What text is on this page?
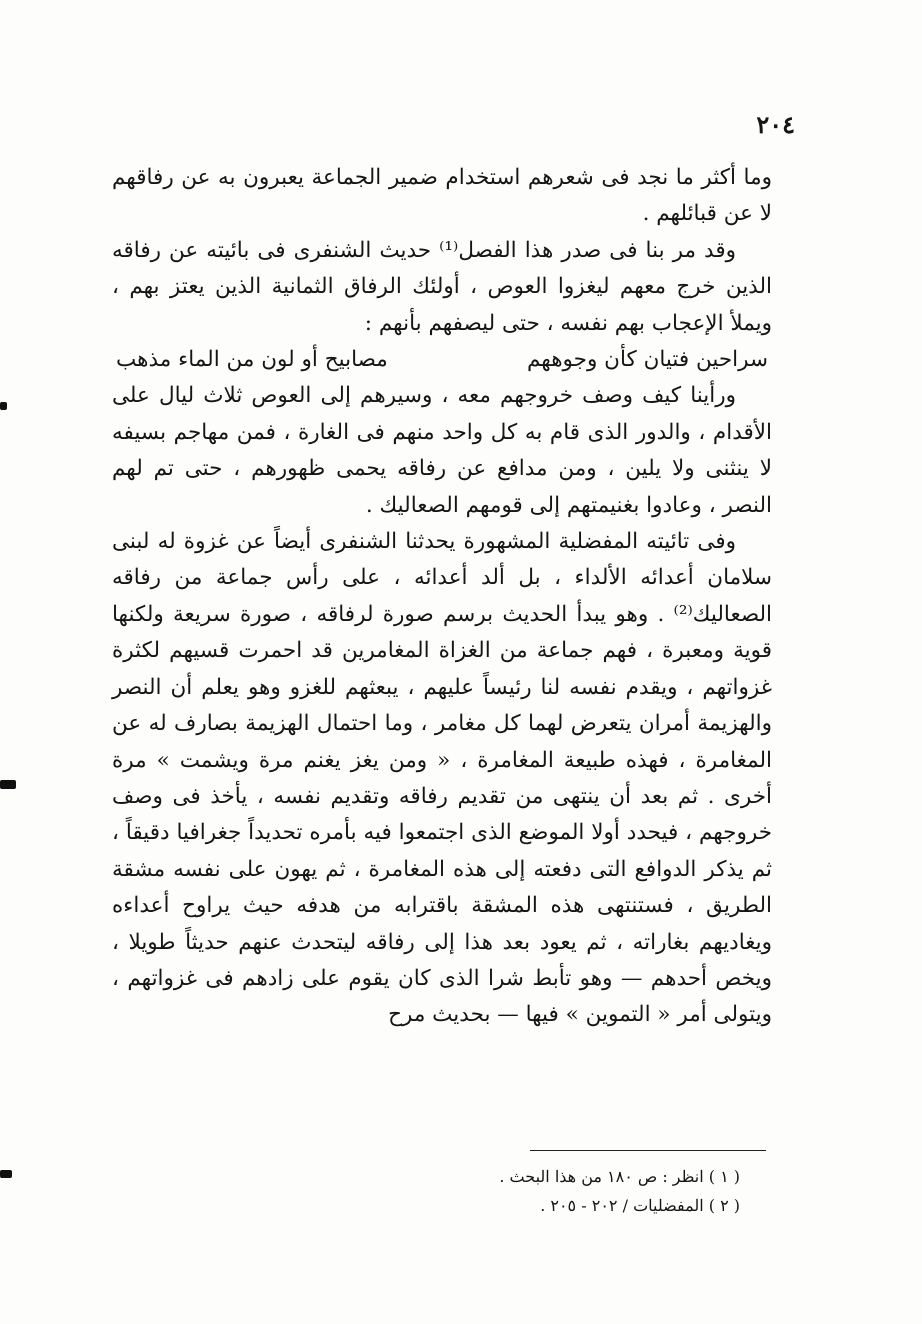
٢٠٤

وما أكثر ما نجد فى شعرهم استخدام ضمير الجماعة يعبرون به عن رفاقهم لا عن قبائلهم .

وقد مر بنا فى صدر هذا الفصل⁽¹⁾ حديث الشنفرى فى بائيته عن رفاقه الذين خرج معهم ليغزوا العوص ، أولئك الرفاق الثمانية الذين يعتز بهم ، ويملأ الإعجاب بهم نفسه ، حتى ليصفهم بأنهم :

سراحين فتيان كأن وجوههم
مصابيح أو لون من الماء مذهب

ورأينا كيف وصف خروجهم معه ، وسيرهم إلى العوص ثلاث ليال على الأقدام ، والدور الذى قام به كل واحد منهم فى الغارة ، فمن مهاجم بسيفه لا ينثنى ولا يلين ، ومن مدافع عن رفاقه يحمى ظهورهم ، حتى تم لهم النصر ، وعادوا بغنيمتهم إلى قومهم الصعاليك .

وفى تائيته المفضلية المشهورة يحدثنا الشنفرى أيضاً عن غزوة له لبنى سلامان أعدائه الألداء ، بل ألد أعدائه ، على رأس جماعة من رفاقه الصعاليك⁽²⁾ . وهو يبدأ الحديث برسم صورة لرفاقه ، صورة سريعة ولكنها قوية ومعبرة ، فهم جماعة من الغزاة المغامرين قد احمرت قسيهم لكثرة غزواتهم ، ويقدم نفسه لنا رئيساً عليهم ، يبعثهم للغزو وهو يعلم أن النصر والهزيمة أمران يتعرض لهما كل مغامر ، وما احتمال الهزيمة بصارف له عن المغامرة ، فهذه طبيعة المغامرة ، « ومن يغز يغنم مرة ويشمت » مرة أخرى . ثم بعد أن ينتهى من تقديم رفاقه وتقديم نفسه ، يأخذ فى وصف خروجهم ، فيحدد أولا الموضع الذى اجتمعوا فيه بأمره تحديداً جغرافيا دقيقاً ، ثم يذكر الدوافع التى دفعته إلى هذه المغامرة ، ثم يهون على نفسه مشقة الطريق ، فستنتهى هذه المشقة باقترابه من هدفه حيث يراوح أعداءه ويغاديهم بغاراته ، ثم يعود بعد هذا إلى رفاقه ليتحدث عنهم حديثاً طويلا ، ويخص أحدهم — وهو تأبط شرا الذى كان يقوم على زادهم فى غزواتهم ، ويتولى أمر « التموين » فيها — بحديث مرح

( ١ ) انظر : ص ١٨٠ من هذا البحث .
( ٢ ) المفضليات / ٢٠٢ - ٢٠٥ .
